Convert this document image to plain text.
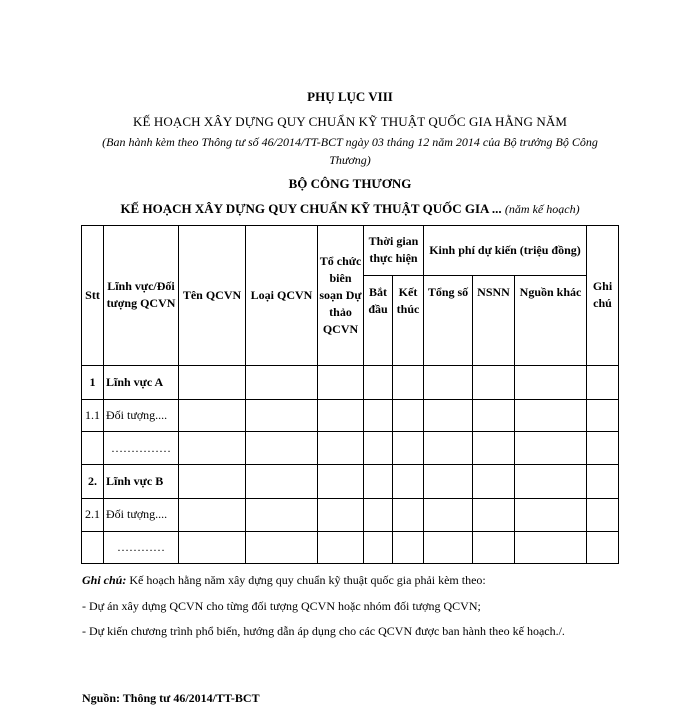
PHỤ LỤC VIII
KẾ HOẠCH XÂY DỰNG QUY CHUẨN KỸ THUẬT QUỐC GIA HẰNG NĂM
(Ban hành kèm theo Thông tư số 46/2014/TT-BCT ngày 03 tháng 12 năm 2014 của Bộ trưởng Bộ Công Thương)
BỘ CÔNG THƯƠNG
KẾ HOẠCH XÂY DỰNG QUY CHUẨN KỸ THUẬT QUỐC GIA ... (năm kế hoạch)
Stt	Lĩnh vực/Đối tượng QCVN	Tên QCVN	Loại QCVN	Tổ chức biên soạn Dự thảo QCVN	Thời gian thực hiện		Kinh phí dự kiến (triệu đồng)			Ghi chú
					Bắt đầu	Kết thúc	Tổng số	NSNN	Nguồn khác	
1	Lĩnh vực A									
1.1	Đối tượng....									
	……………									
2.	Lĩnh vực B									
2.1	Đối tượng....									
	…………									
Ghi chú: Kế hoạch hằng năm xây dựng quy chuẩn kỹ thuật quốc gia phải kèm theo:
- Dự án xây dựng QCVN cho từng đối tượng QCVN hoặc nhóm đối tượng QCVN;
- Dự kiến chương trình phổ biến, hướng dẫn áp dụng cho các QCVN được ban hành theo kế hoạch./.
Nguồn: Thông tư 46/2014/TT-BCT
